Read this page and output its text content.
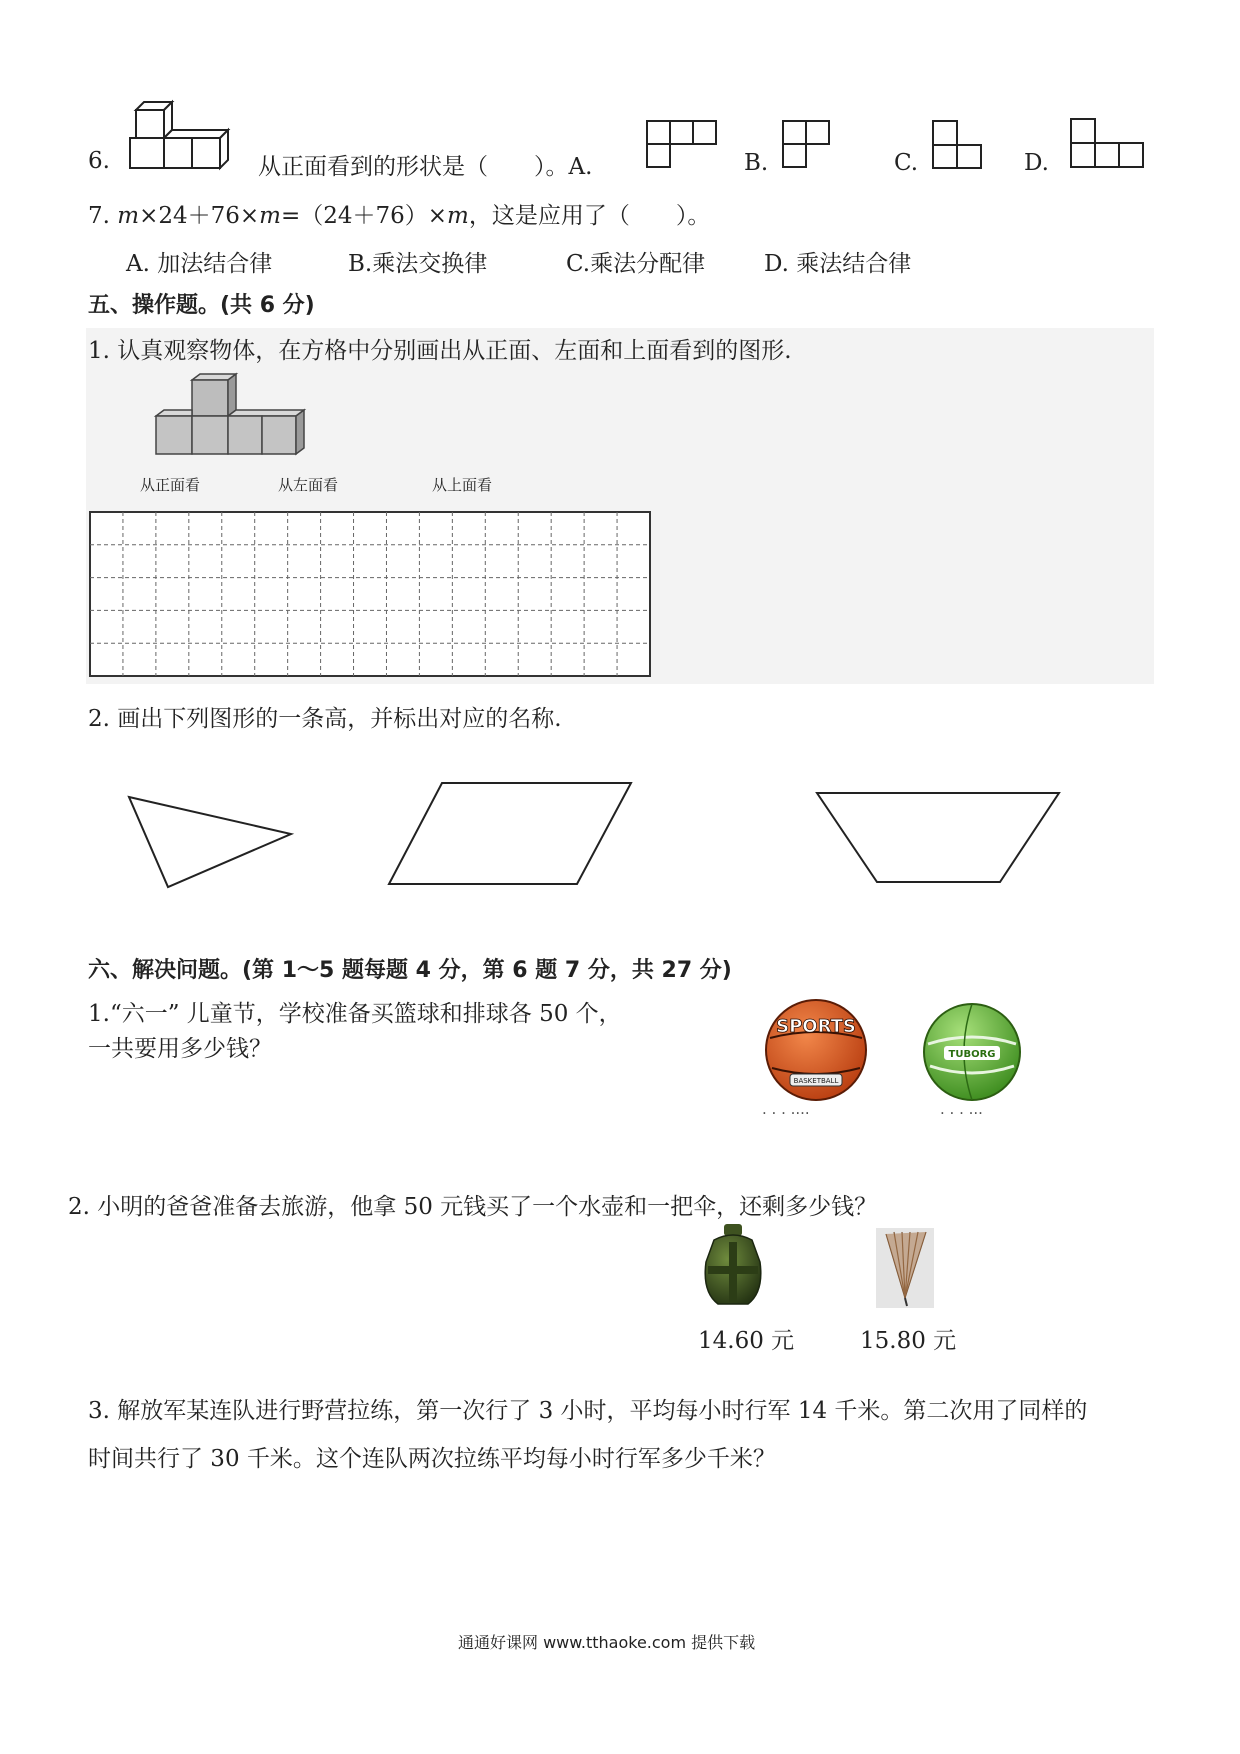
6.	从正面看到的形状是（　　）。A.	B.	C.	D.
7. m×24＋76×m=（24＋76）×m，这是应用了（　　）。
A. 加法结合律	B.乘法交换律	C.乘法分配律	D. 乘法结合律
五、操作题。(共 6 分)
1. 认真观察物体，在方格中分别画出从正面、左面和上面看到的图形.
从正面看	从左面看	从上面看
2. 画出下列图形的一条高，并标出对应的名称.
六、解决问题。(第 1～5 题每题 4 分，第 6 题 7 分，共 27 分)
1.“六一” 儿童节，学校准备买篮球和排球各 50 个，
一共要用多少钱？
SPORTS
BASKETBALL
. . . ....
TUBORG
. . . ...
2. 小明的爸爸准备去旅游，他拿 50 元钱买了一个水壶和一把伞，还剩多少钱？
14.60 元	15.80 元
3. 解放军某连队进行野营拉练，第一次行了 3 小时，平均每小时行军 14 千米。第二次用了同样的
时间共行了 30 千米。这个连队两次拉练平均每小时行军多少千米？
通通好课网 www.tthaoke.com 提供下载
